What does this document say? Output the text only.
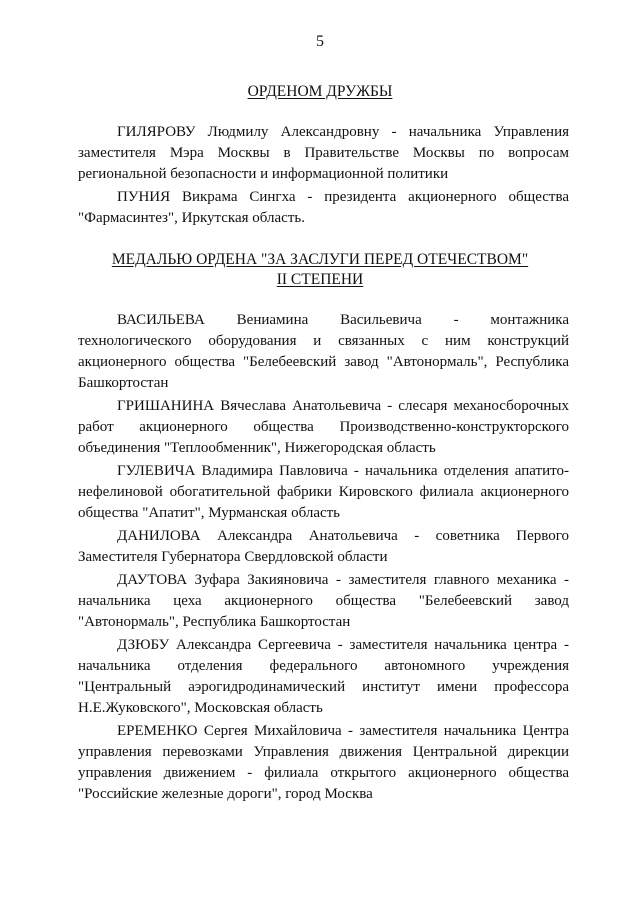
5
ОРДЕНОМ ДРУЖБЫ

ГИЛЯРОВУ Людмилу Александровну - начальника Управления заместителя Мэра Москвы в Правительстве Москвы по вопросам региональной безопасности и информационной политики

ПУНИЯ Викрама Сингха - президента акционерного общества "Фармасинтез", Иркутская область.

МЕДАЛЬЮ ОРДЕНА "ЗА ЗАСЛУГИ ПЕРЕД ОТЕЧЕСТВОМ"
II СТЕПЕНИ

ВАСИЛЬЕВА Вениамина Васильевича - монтажника технологического оборудования и связанных с ним конструкций акционерного общества "Белебеевский завод "Автонормаль", Республика Башкортостан

ГРИШАНИНА Вячеслава Анатольевича - слесаря механосборочных работ акционерного общества Производственно-конструкторского объединения "Теплообменник", Нижегородская область

ГУЛЕВИЧА Владимира Павловича - начальника отделения апатито-нефелиновой обогатительной фабрики Кировского филиала акционерного общества "Апатит", Мурманская область

ДАНИЛОВА Александра Анатольевича - советника Первого Заместителя Губернатора Свердловской области

ДАУТОВА Зуфара Закияновича - заместителя главного механика - начальника цеха акционерного общества "Белебеевский завод "Автонормаль", Республика Башкортостан

ДЗЮБУ Александра Сергеевича - заместителя начальника центра - начальника отделения федерального автономного учреждения "Центральный аэрогидродинамический институт имени профессора Н.Е.Жуковского", Московская область

ЕРЕМЕНКО Сергея Михайловича - заместителя начальника Центра управления перевозками Управления движения Центральной дирекции управления движением - филиала открытого акционерного общества "Российские железные дороги", город Москва
